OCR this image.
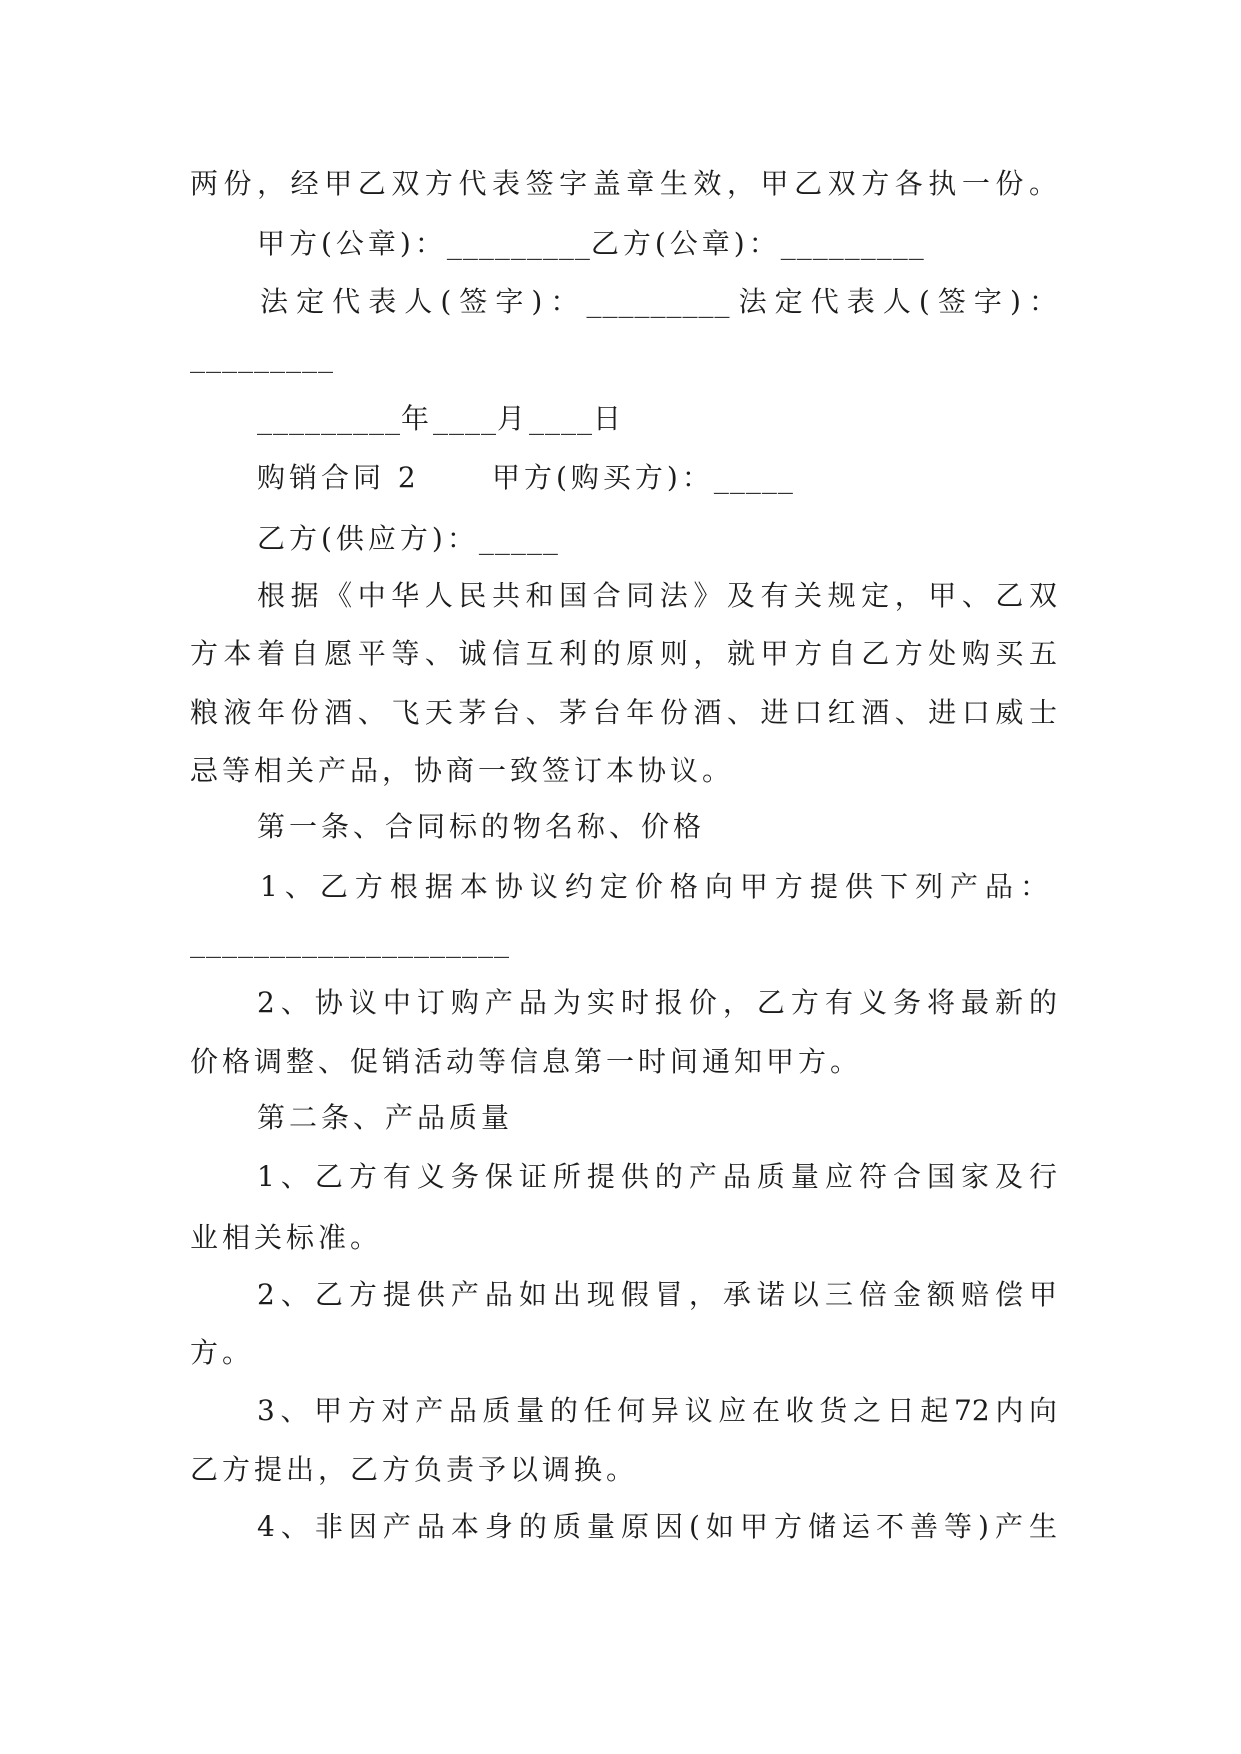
两份，经甲乙双方代表签字盖章生效，甲乙双方各执一份。
甲方(公章)：_________乙方(公章)：_________
法定代表人(签字)：_________法定代表人(签字)：
_________
_________年____月____日
购销合同 2	甲方(购买方)：_____
乙方(供应方)：_____
根据《中华人民共和国合同法》及有关规定，甲、乙双
方本着自愿平等、诚信互利的原则，就甲方自乙方处购买五
粮液年份酒、飞天茅台、茅台年份酒、进口红酒、进口威士
忌等相关产品，协商一致签订本协议。
第一条、合同标的物名称、价格
1、乙方根据本协议约定价格向甲方提供下列产品：
____________________
2、协议中订购产品为实时报价，乙方有义务将最新的
价格调整、促销活动等信息第一时间通知甲方。
第二条、产品质量
1、乙方有义务保证所提供的产品质量应符合国家及行
业相关标准。
2、乙方提供产品如出现假冒，承诺以三倍金额赔偿甲
方。
3、甲方对产品质量的任何异议应在收货之日起72内向
乙方提出，乙方负责予以调换。
4、非因产品本身的质量原因(如甲方储运不善等)产生
